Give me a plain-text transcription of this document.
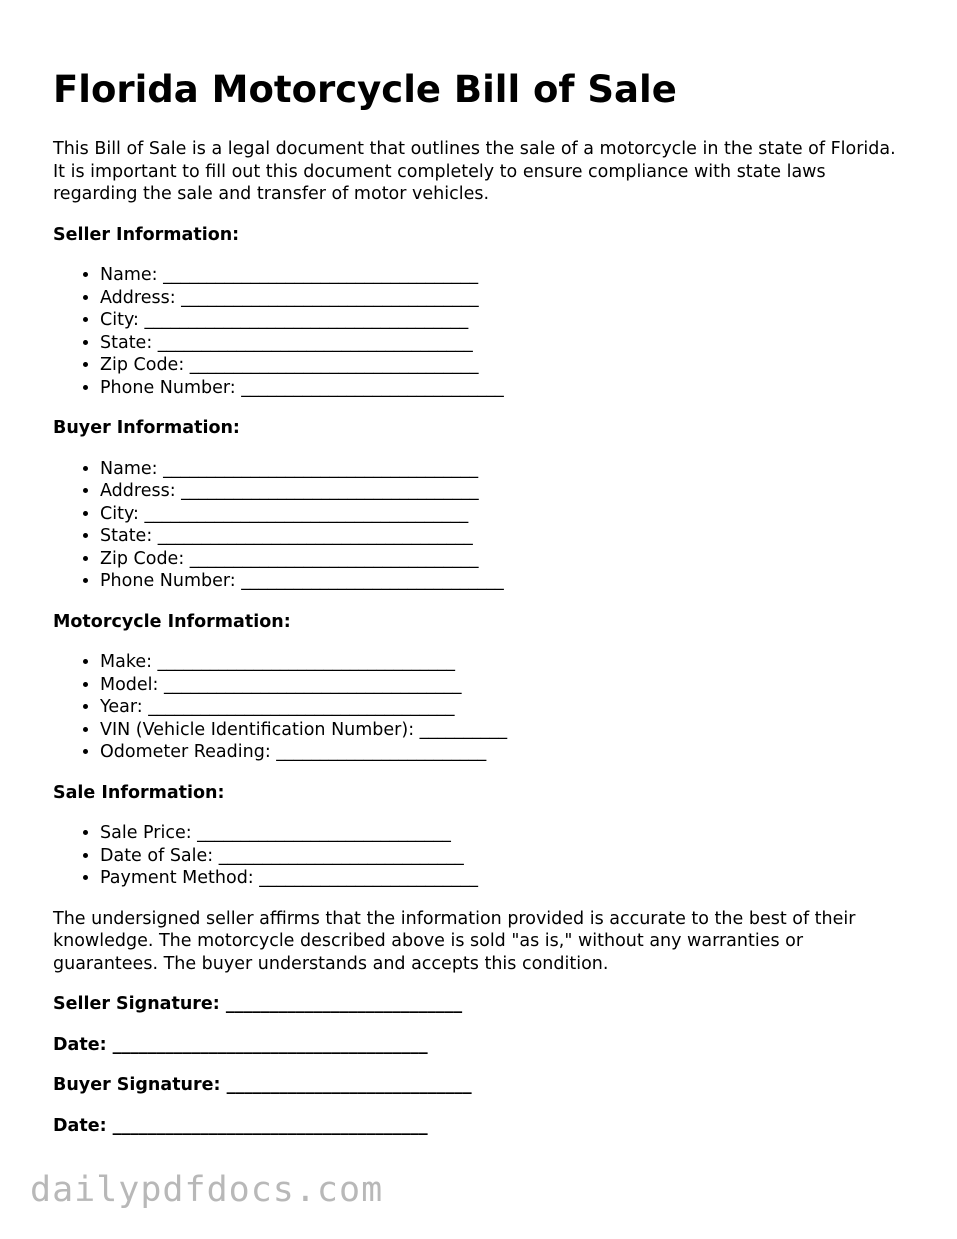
Florida Motorcycle Bill of Sale

This Bill of Sale is a legal document that outlines the sale of a motorcycle in the state of Florida. It is important to fill out this document completely to ensure compliance with state laws regarding the sale and transfer of motor vehicles.

Seller Information:
• Name: ____________________________________
• Address: __________________________________
• City: _____________________________________
• State: ____________________________________
• Zip Code: _________________________________
• Phone Number: ______________________________
Buyer Information:
• Name: ____________________________________
• Address: __________________________________
• City: _____________________________________
• State: ____________________________________
• Zip Code: _________________________________
• Phone Number: ______________________________
Motorcycle Information:
• Make: __________________________________
• Model: __________________________________
• Year: ___________________________________
• VIN (Vehicle Identification Number): __________
• Odometer Reading: ________________________
Sale Information:
• Sale Price: _____________________________
• Date of Sale: ____________________________
• Payment Method: _________________________

The undersigned seller affirms that the information provided is accurate to the best of their knowledge. The motorcycle described above is sold "as is," without any warranties or guarantees. The buyer understands and accepts this condition.

Seller Signature: ___________________________
Date: ____________________________________
Buyer Signature: ____________________________
Date: ____________________________________
dailypdfdocs.com
